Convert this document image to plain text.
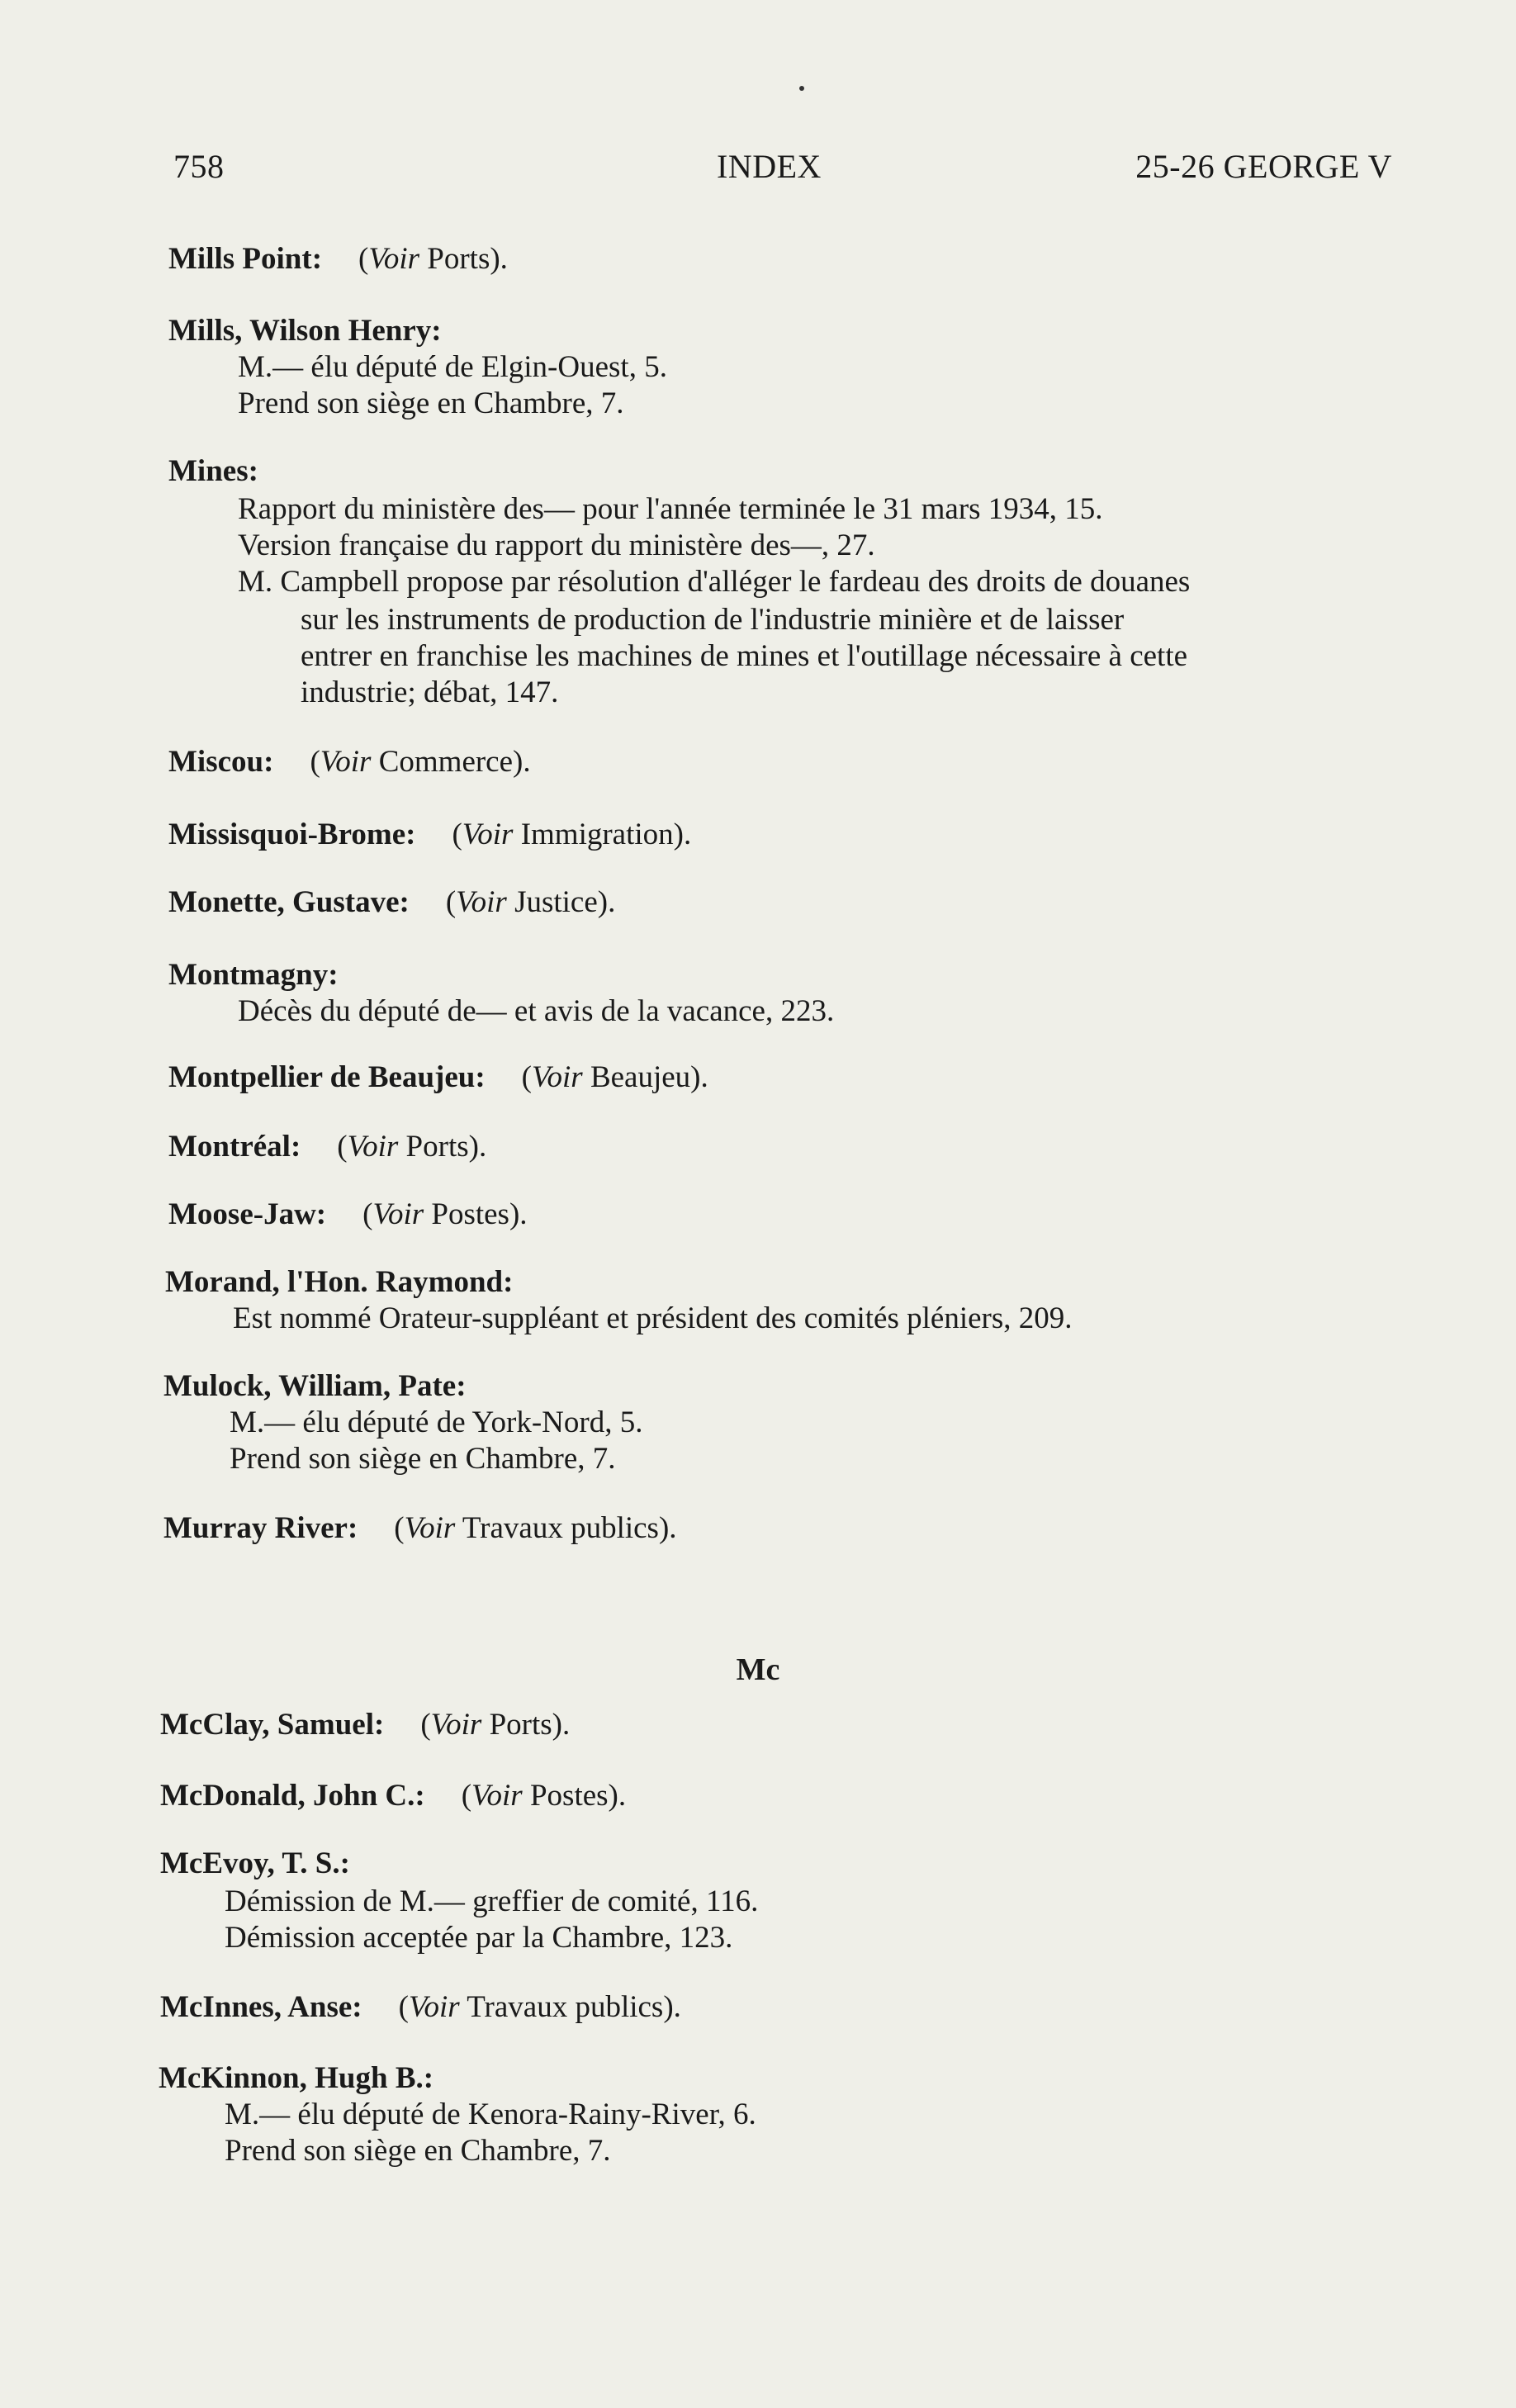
758	INDEX	25-26 GEORGE V
Mills Point: (Voir Ports).
Mills, Wilson Henry:
M.— élu député de Elgin-Ouest, 5.
Prend son siège en Chambre, 7.
Mines:
Rapport du ministère des— pour l'année terminée le 31 mars 1934, 15.
Version française du rapport du ministère des—, 27.
M. Campbell propose par résolution d'alléger le fardeau des droits de douanes
sur les instruments de production de l'industrie minière et de laisser
entrer en franchise les machines de mines et l'outillage nécessaire à cette
industrie; débat, 147.
Miscou: (Voir Commerce).
Missisquoi-Brome: (Voir Immigration).
Monette, Gustave: (Voir Justice).
Montmagny:
Décès du député de— et avis de la vacance, 223.
Montpellier de Beaujeu: (Voir Beaujeu).
Montréal: (Voir Ports).
Moose-Jaw: (Voir Postes).
Morand, l'Hon. Raymond:
Est nommé Orateur-suppléant et président des comités pléniers, 209.
Mulock, William, Pate:
M.— élu député de York-Nord, 5.
Prend son siège en Chambre, 7.
Murray River: (Voir Travaux publics).
Mc
McClay, Samuel: (Voir Ports).
McDonald, John C.: (Voir Postes).
McEvoy, T. S.:
Démission de M.— greffier de comité, 116.
Démission acceptée par la Chambre, 123.
McInnes, Anse: (Voir Travaux publics).
McKinnon, Hugh B.:
M.— élu député de Kenora-Rainy-River, 6.
Prend son siège en Chambre, 7.
